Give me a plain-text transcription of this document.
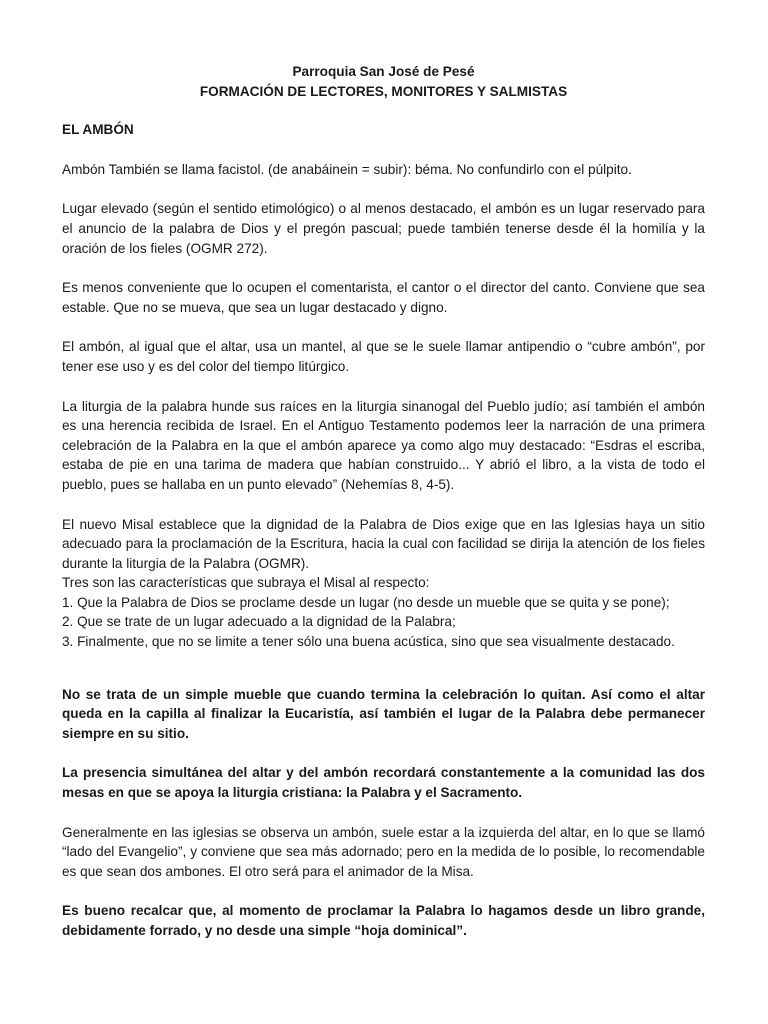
Parroquia San José de Pesé
FORMACIÓN DE LECTORES, MONITORES Y SALMISTAS
EL AMBÓN

Ambón También se llama facistol. (de anabáinein = subir): béma. No confundirlo con el púlpito.

Lugar elevado (según el sentido etimológico) o al menos destacado, el ambón es un lugar reservado para el anuncio de la palabra de Dios y el pregón pascual; puede también tenerse desde él la homilía y la oración de los fieles (OGMR 272).

Es menos conveniente que lo ocupen el comentarista, el cantor o el director del canto. Conviene que sea estable. Que no se mueva, que sea un lugar destacado y digno.

El ambón, al igual que el altar, usa un mantel, al que se le suele llamar antipendio o “cubre ambón”, por tener ese uso y es del color del tiempo litúrgico.

La liturgia de la palabra hunde sus raíces en la liturgia sinanogal del Pueblo judío; así también el ambón es una herencia recibida de Israel. En el Antiguo Testamento podemos leer la narración de una primera celebración de la Palabra en la que el ambón aparece ya como algo muy destacado: “Esdras el escriba, estaba de pie en una tarima de madera que habían construido... Y abrió el libro, a la vista de todo el pueblo, pues se hallaba en un punto elevado” (Nehemías 8, 4-5).

El nuevo Misal establece que la dignidad de la Palabra de Dios exige que en las Iglesias haya un sitio adecuado para la proclamación de la Escritura, hacia la cual con facilidad se dirija la atención de los fieles durante la liturgia de la Palabra (OGMR).

Tres son las características que subraya el Misal al respecto:

1. Que la Palabra de Dios se proclame desde un lugar (no desde un mueble que se quita y se pone);

2. Que se trate de un lugar adecuado a la dignidad de la Palabra;

3. Finalmente, que no se limite a tener sólo una buena acústica, sino que sea visualmente destacado.

No se trata de un simple mueble que cuando termina la celebración lo quitan. Así como el altar queda en la capilla al finalizar la Eucaristía, así también el lugar de la Palabra debe permanecer siempre en su sitio.

La presencia simultánea del altar y del ambón recordará constantemente a la comunidad las dos mesas en que se apoya la liturgia cristiana: la Palabra y el Sacramento.

Generalmente en las iglesias se observa un ambón, suele estar a la izquierda del altar, en lo que se llamó “lado del Evangelio”, y conviene que sea más adornado; pero en la medida de lo posible, lo recomendable es que sean dos ambones. El otro será para el animador de la Misa.

Es bueno recalcar que, al momento de proclamar la Palabra lo hagamos desde un libro grande, debidamente forrado, y no desde una simple “hoja dominical”.
